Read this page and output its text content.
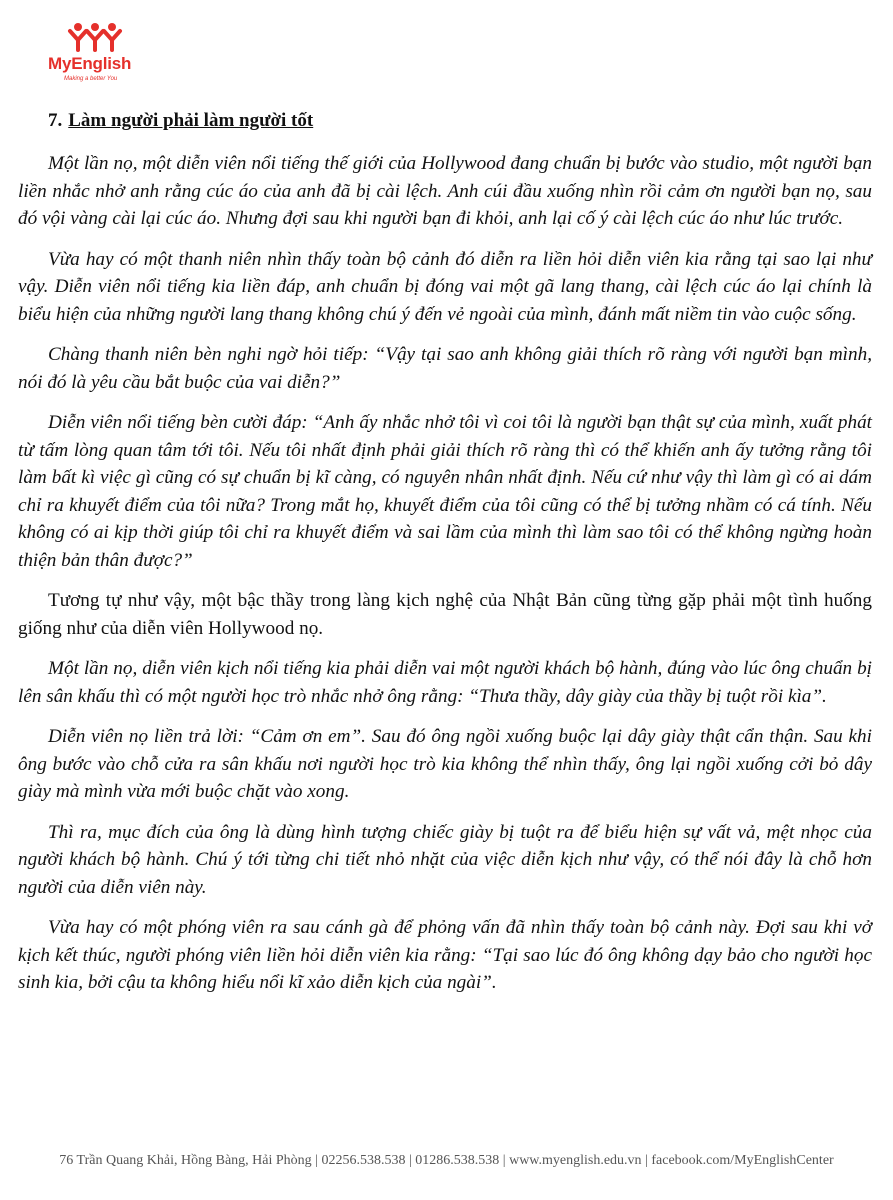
MyEnglish
Making a better You
7. Làm người phải làm người tốt

Một lần nọ, một diễn viên nổi tiếng thế giới của Hollywood đang chuẩn bị bước vào studio, một người bạn liền nhắc nhở anh rằng cúc áo của anh đã bị cài lệch. Anh cúi đầu xuống nhìn rồi cảm ơn người bạn nọ, sau đó vội vàng cài lại cúc áo. Nhưng đợi sau khi người bạn đi khỏi, anh lại cố ý cài lệch cúc áo như lúc trước.

Vừa hay có một thanh niên nhìn thấy toàn bộ cảnh đó diễn ra liền hỏi diễn viên kia rằng tại sao lại như vậy. Diễn viên nổi tiếng kia liền đáp, anh chuẩn bị đóng vai một gã lang thang, cài lệch cúc áo lại chính là biểu hiện của những người lang thang không chú ý đến vẻ ngoài của mình, đánh mất niềm tin vào cuộc sống.

Chàng thanh niên bèn nghi ngờ hỏi tiếp: “Vậy tại sao anh không giải thích rõ ràng với người bạn mình, nói đó là yêu cầu bắt buộc của vai diễn?”

Diễn viên nổi tiếng bèn cười đáp: “Anh ấy nhắc nhở tôi vì coi tôi là người bạn thật sự của mình, xuất phát từ tấm lòng quan tâm tới tôi. Nếu tôi nhất định phải giải thích rõ ràng thì có thể khiến anh ấy tưởng rằng tôi làm bất kì việc gì cũng có sự chuẩn bị kĩ càng, có nguyên nhân nhất định. Nếu cứ như vậy thì làm gì có ai dám chỉ ra khuyết điểm của tôi nữa? Trong mắt họ, khuyết điểm của tôi cũng có thể bị tưởng nhầm có cá tính. Nếu không có ai kịp thời giúp tôi chỉ ra khuyết điểm và sai lầm của mình thì làm sao tôi có thể không ngừng hoàn thiện bản thân được?”

Tương tự như vậy, một bậc thầy trong làng kịch nghệ của Nhật Bản cũng từng gặp phải một tình huống giống như của diễn viên Hollywood nọ.

Một lần nọ, diễn viên kịch nổi tiếng kia phải diễn vai một người khách bộ hành, đúng vào lúc ông chuẩn bị lên sân khấu thì có một người học trò nhắc nhở ông rằng: “Thưa thầy, dây giày của thầy bị tuột rồi kìa”.

Diễn viên nọ liền trả lời: “Cảm ơn em”. Sau đó ông ngồi xuống buộc lại dây giày thật cẩn thận. Sau khi ông bước vào chỗ cửa ra sân khấu nơi người học trò kia không thể nhìn thấy, ông lại ngồi xuống cởi bỏ dây giày mà mình vừa mới buộc chặt vào xong.

Thì ra, mục đích của ông là dùng hình tượng chiếc giày bị tuột ra để biểu hiện sự vất vả, mệt nhọc của người khách bộ hành. Chú ý tới từng chi tiết nhỏ nhặt của việc diễn kịch như vậy, có thể nói đây là chỗ hơn người của diễn viên này.

Vừa hay có một phóng viên ra sau cánh gà để phỏng vấn đã nhìn thấy toàn bộ cảnh này. Đợi sau khi vở kịch kết thúc, người phóng viên liền hỏi diễn viên kia rằng: “Tại sao lúc đó ông không dạy bảo cho người học sinh kia, bởi cậu ta không hiểu nổi kĩ xảo diễn kịch của ngài”.

76 Trần Quang Khải, Hồng Bàng, Hải Phòng | 02256.538.538 | 01286.538.538 | www.myenglish.edu.vn | facebook.com/MyEnglishCenter
